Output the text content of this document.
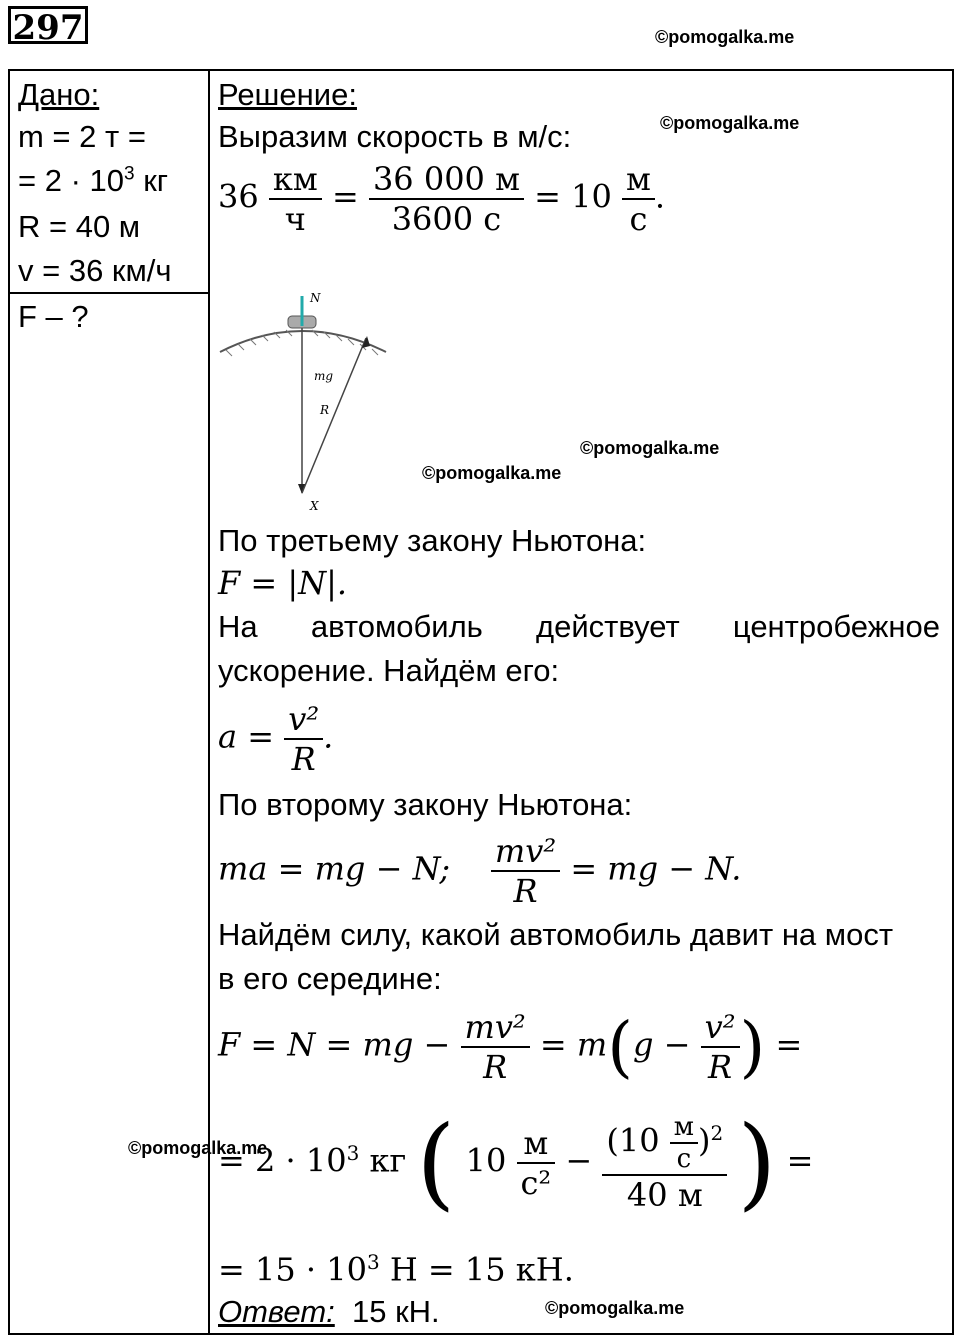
297	©pomogalka.me
Дано:
m = 2 т =
= $2 \cdot 10^3$ кг
R = 40 м
v = 36 км/ч
F – ?
Решение:
©pomogalka.me
Выразим скорость в м/с:
$36 \frac{км}{ч} = \frac{36 000 м}{3600 с} = 10 \frac{м}{с}$ .
N
mg
R
X
©pomogalka.me
©pomogalka.me
По третьему закону Ньютона:
F = |N|.
На автомобиль действует центробежное
ускорение. Найдём его:
$a = \frac{\text{v²}}{R}$ .
По второму закону Ньютона:
ma = mg − N; $\frac{\text{mv²}}{R}$ = mg − N.
Найдём силу, какой автомобиль давит на мост
в его середине:
F = N = mg − $\frac{\text{mv²}}{R} = m(g - \frac{\text{v²}}{R}$ ) =
©pomogalka.me
= $2 \cdot 10^3$ кг ( $10 \frac{м}{\text{с²}} - \frac{(10 \frac{м}{с} )^2}{40 м}$ ) =
= $15 \cdot 10^3$ Н = 15 кН.
Ответ: 15 кН.	©pomogalka.me
